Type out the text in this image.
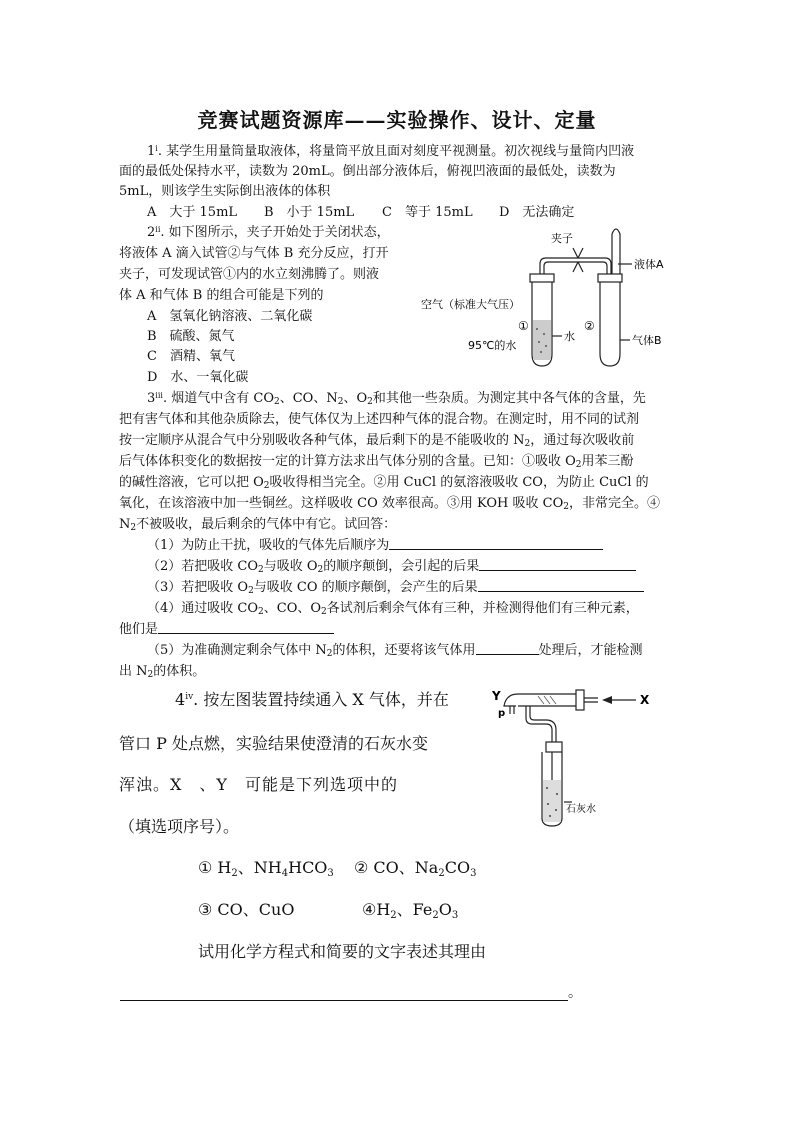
竞赛试题资源库——实验操作、设计、定量
1$^i$. 某学生用量筒量取液体，将量筒平放且面对刻度平视测量。初次视线与量筒内凹液
面的最低处保持水平，读数为 20mL。倒出部分液体后，俯视凹液面的最低处，读数为
5mL，则该学生实际倒出液体的体积
A　大于 15mL B　小于 15mL C　等于 15mL D　无法确定
2$^{ii}$. 如下图所示，夹子开始处于关闭状态，
将液体 A 滴入试管②与气体 B 充分反应，打开
夹子，可发现试管①内的水立刻沸腾了。则液
体 A 和气体 B 的组合可能是下列的
A　氢氧化钠溶液、二氧化碳
B　硫酸、氮气
C　酒精、氧气
D　水、一氧化碳
夹子
液体A
空气（标准大气压）
①	②
水
95℃的水	气体B
3$^{iii}$. 烟道气中含有 $CO_2$、CO、$N_2$、$O_2$和其他一些杂质。为测定其中各气体的含量，先
把有害气体和其他杂质除去，使气体仅为上述四种气体的混合物。在测定时，用不同的试剂
按一定顺序从混合气中分别吸收各种气体，最后剩下的是不能吸收的 $N_2$，通过每次吸收前
后气体体积变化的数据按一定的计算方法求出气体分别的含量。已知：①吸收 $O_2$用苯三酚
的碱性溶液，它可以把 $O_2$吸收得相当完全。②用 CuCl 的氨溶液吸收 CO，为防止 CuCl 的
氧化，在该溶液中加一些铜丝。这样吸收 CO 效率很高。③用 KOH 吸收 $CO_2$，非常完全。④
$N_2$不被吸收，最后剩余的气体中有它。试回答：
（1）为防止干扰，吸收的气体先后顺序为
（2）若把吸收 $CO_2$与吸收 $O_2$的顺序颠倒，会引起的后果
（3）若把吸收 $O_2$与吸收 CO 的顺序颠倒，会产生的后果
（4）通过吸收 $CO_2$、CO、$O_2$各试剂后剩余气体有三种，并检测得他们有三种元素，
他们是
（5）为准确测定剩余气体中 $N_2$的体积，还要将该气体用	处理后，才能检测
出 $N_2$的体积。
4$^{iv}$. 按左图装置持续通入 X 气体，并在
管口 P 处点燃，实验结果使澄清的石灰水变
浑浊。X　、Y　可能是下列选项中的
（填选项序号）。
① $H_2$、$NH_4HCO_3$ ② CO、$Na_2CO_3$
③ CO、CuO	$④H_2$、$Fe_2O_3$
试用化学方程式和简要的文字表述其理由
。
Y
p
X
石灰水
